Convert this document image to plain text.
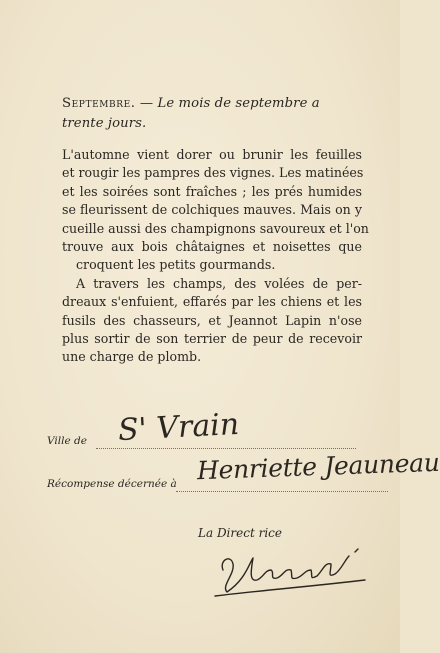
Septembre. — Le mois de septembre a trente jours.

L'automne vient dorer ou brunir les feuilles
et rougir les pampres des vignes. Les matinées
et les soirées sont fraîches ; les prés humides
se fleurissent de colchiques mauves. Mais on y
cueille aussi des champignons savoureux et l'on
trouve aux bois châtaignes et noisettes que
croquent les petits gourmands.

A travers les champs, des volées de per-
dreaux s'enfuient, effarés par les chiens et les
fusils des chasseurs, et Jeannot Lapin n'ose
plus sortir de son terrier de peur de recevoir
une charge de plomb.

Ville de S' Vrain
Récompense décernée à Henriette Jeauneau
La Direct rice
